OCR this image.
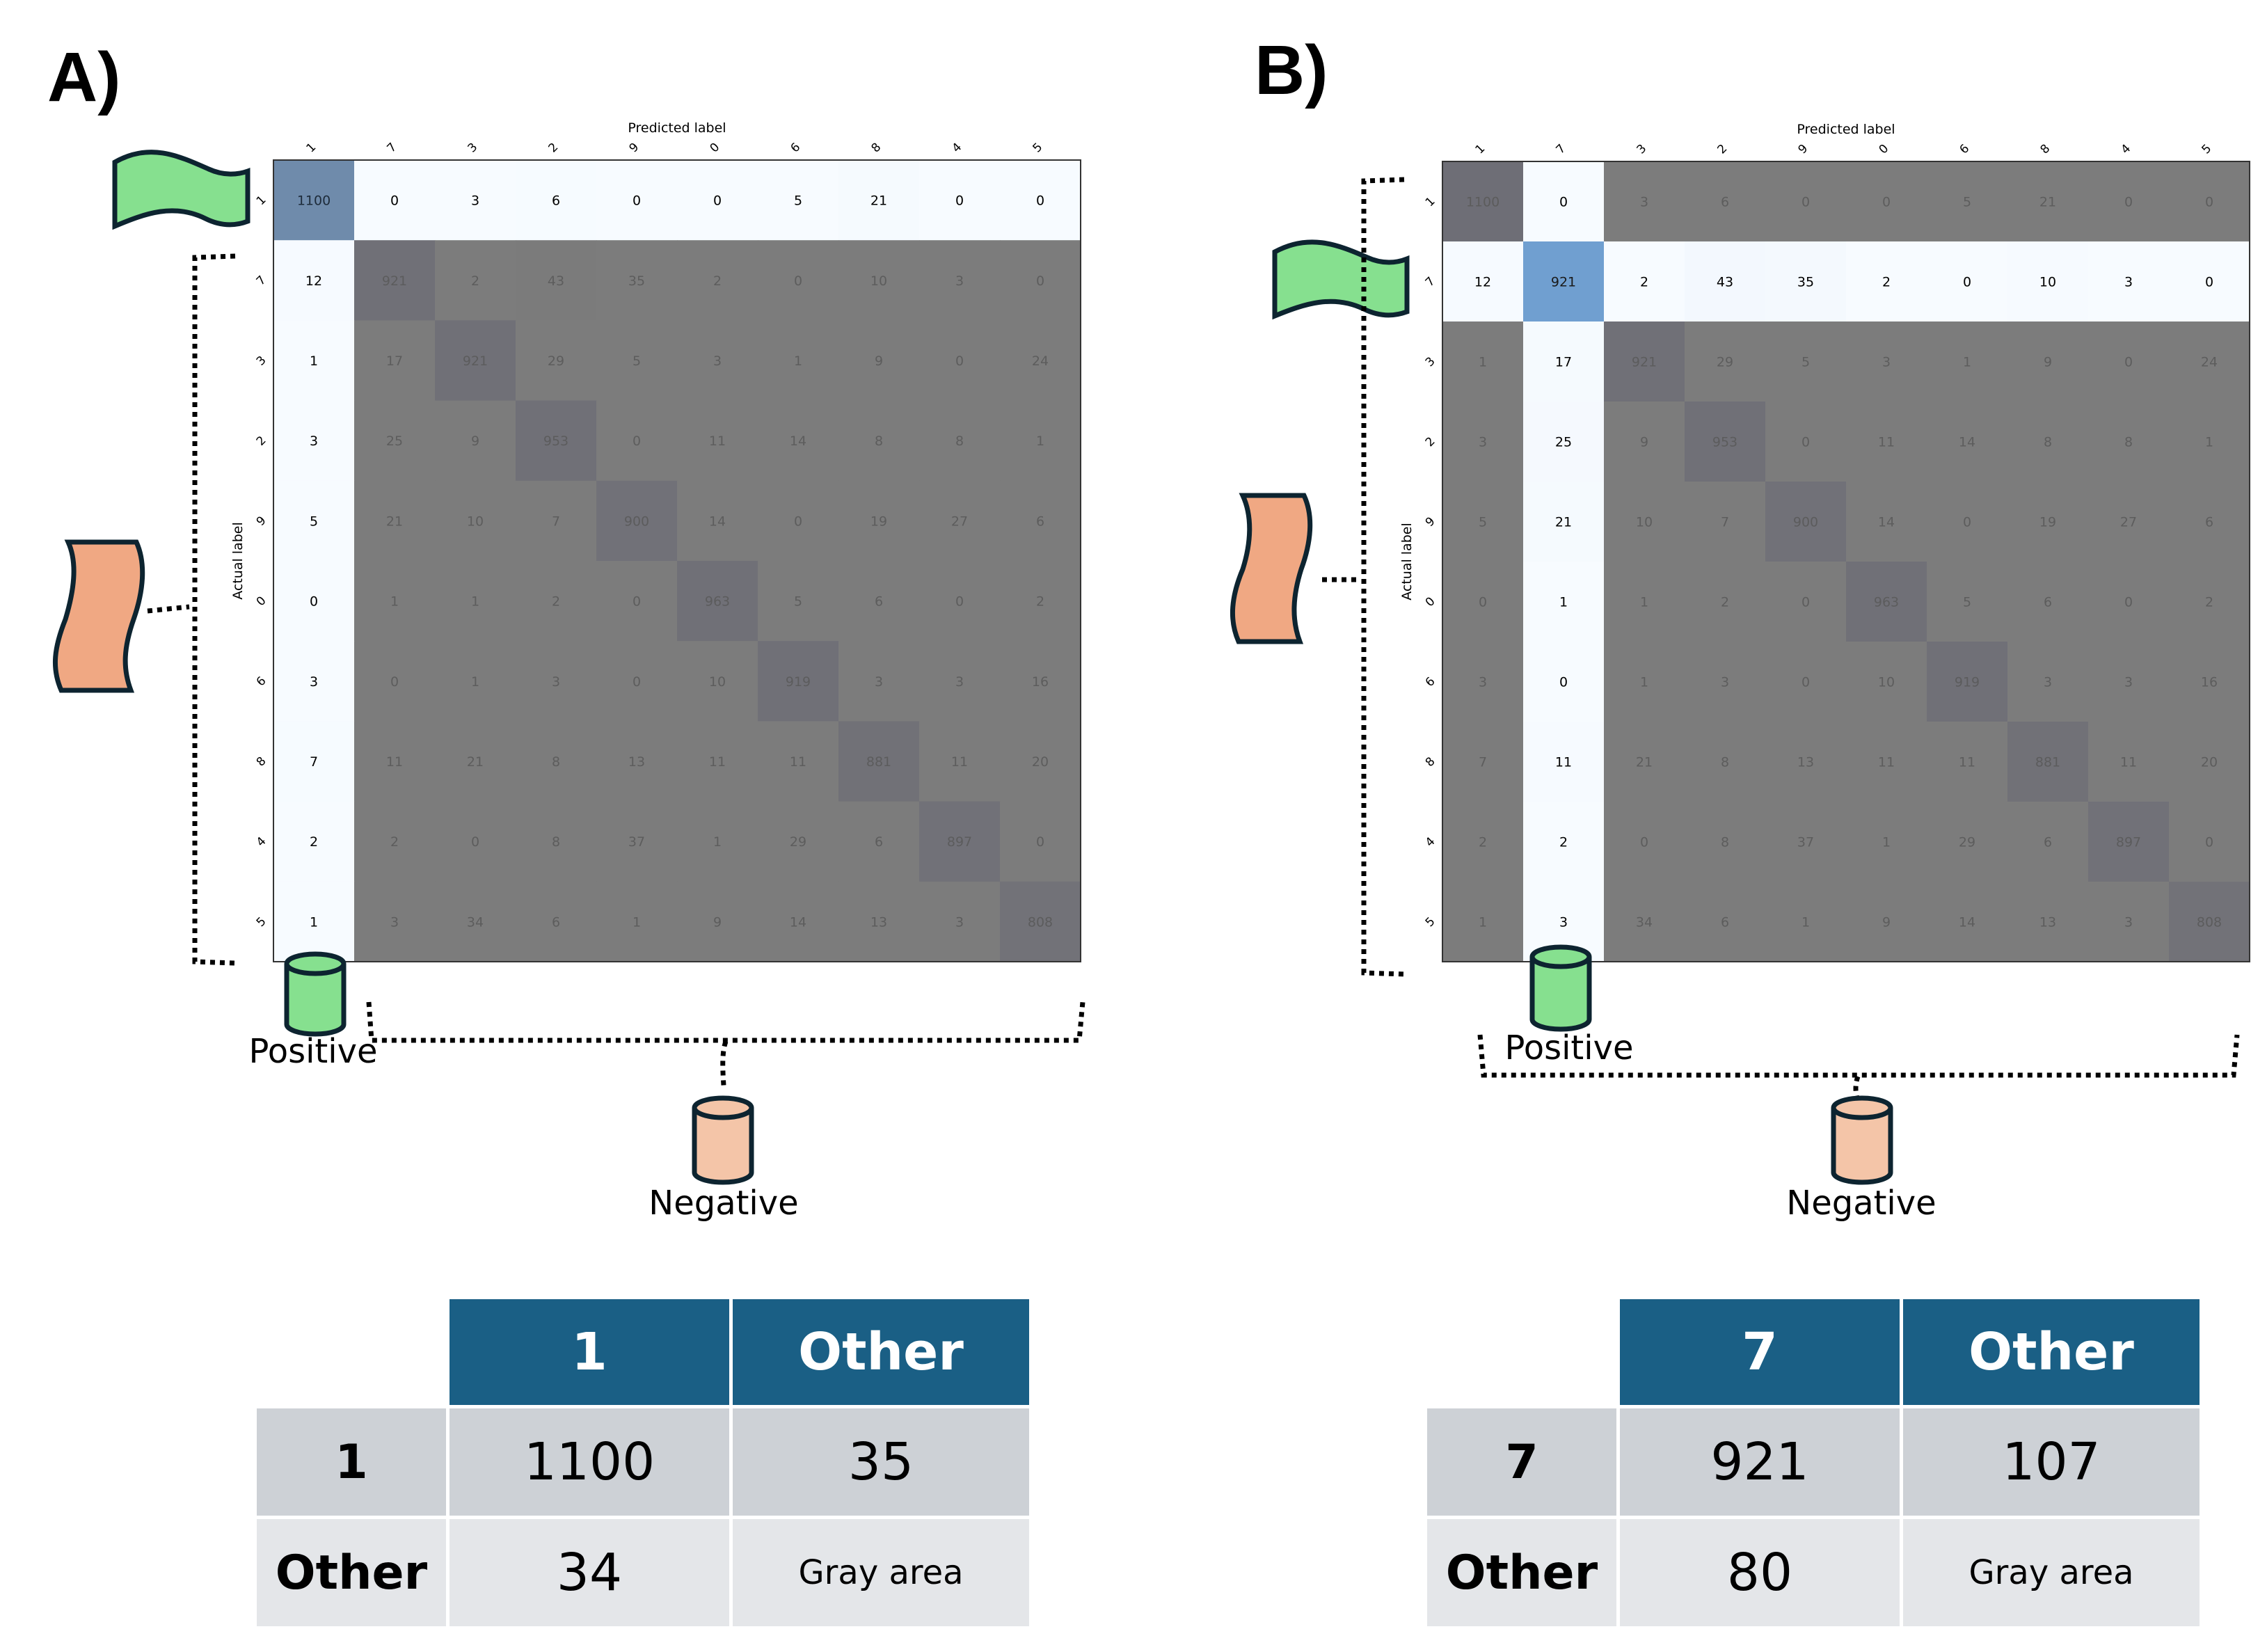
A)
1100	0	3	6	0	0	5	21	0	0
12	921	2	43	35	2	0	10	3	0
1	17	921	29	5	3	1	9	0	24
3	25	9	953	0	11	14	8	8	1
5	21	10	7	900	14	0	19	27	6
0	1	1	2	0	963	5	6	0	2
3	0	1	3	0	10	919	3	3	16
7	11	21	8	13	11	11	881	11	20
2	2	0	8	37	1	29	6	897	0
1	3	34	6	1	9	14	13	3	808
1	7	3	2	9	0	6	8	4	5
1
7
3
2
9
0
6
8
4
5
Predicted label
Actual label
Positive
Negative
B)
1100	0	3	6	0	0	5	21	0	0
12	921	2	43	35	2	0	10	3	0
1	17	921	29	5	3	1	9	0	24
3	25	9	953	0	11	14	8	8	1
5	21	10	7	900	14	0	19	27	6
0	1	1	2	0	963	5	6	0	2
3	0	1	3	0	10	919	3	3	16
7	11	21	8	13	11	11	881	11	20
2	2	0	8	37	1	29	6	897	0
1	3	34	6	1	9	14	13	3	808
1	7	3	2	9	0	6	8	4	5
1
7
3
2
9
0
6
8
4
5
Predicted label
Actual label
Positive
Negative
	1	Other
1	1100	35
Other	34	Gray area
	7	Other
7	921	107
Other	80	Gray area
